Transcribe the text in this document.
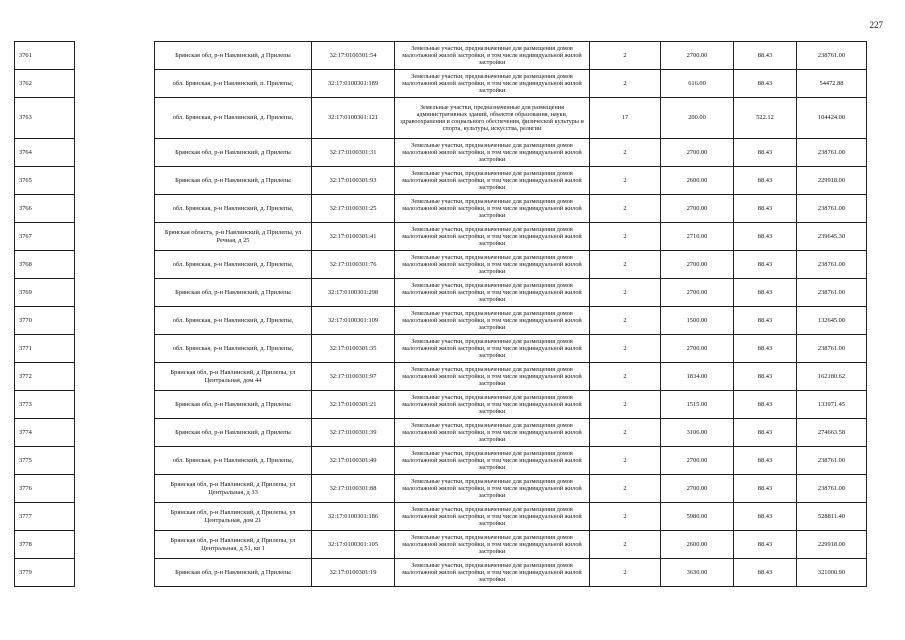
227
3761		Брянская обл, р-н Навлинский, д Прилепы	32:17:0100301:54	Земельные участки, предназначенные для размещения домов малоэтажной жилой застройки, в том числе индивидуальной жилой застройки	2	2700.00	88.43	238761.00
3762		обл. Брянская, р-н Навлинский, п. Прилепы,	32:17:0100301:189	Земельные участки, предназначенные для размещения домов малоэтажной жилой застройки, в том числе индивидуальной жилой застройки	2	616.00	88.43	54472.88
3763		обл. Брянская, р-н Навлинский, д. Прилепы,	32:17:0100301:121	Земельные участки, предназначенные для размещения административных зданий, объектов образования, науки, здравоохранения и социального обеспечения, физической культуры и спорта, культуры, искусства, религии	17	200.00	522.12	104424.00
3764		Брянская обл, р-н Навлинский, д Прилепы	32:17:0100301:31	Земельные участки, предназначенные для размещения домов малоэтажной жилой застройки, в том числе индивидуальной жилой застройки	2	2700.00	88.43	238761.00
3765		Брянская обл, р-н Навлинский, д Прилепы	32:17:0100301:93	Земельные участки, предназначенные для размещения домов малоэтажной жилой застройки, в том числе индивидуальной жилой застройки	2	2600.00	88.43	229918.00
3766		обл. Брянская, р-н Навлинский, д. Прилепы,	32:17:0100301:25	Земельные участки, предназначенные для размещения домов малоэтажной жилой застройки, в том числе индивидуальной жилой застройки	2	2700.00	88.43	238761.00
3767		Брянская область, р-н Навлинский, д Прилепы, ул Речная, д 25	32:17:0100301:41	Земельные участки, предназначенные для размещения домов малоэтажной жилой застройки, в том числе индивидуальной жилой застройки	2	2710.00	88.43	239645.30
3768		обл. Брянская, р-н Навлинский, д. Прилепы,	32:17:0100301:76	Земельные участки, предназначенные для размещения домов малоэтажной жилой застройки, в том числе индивидуальной жилой застройки	2	2700.00	88.43	238761.00
3769		Брянская обл, р-н Навлинский, д Прилепы	32:17:0100301:298	Земельные участки, предназначенные для размещения домов малоэтажной жилой застройки, в том числе индивидуальной жилой застройки	2	2700.00	88.43	238761.00
3770		обл. Брянская, р-н Навлинский, д. Прилепы,	32:17:0100301:109	Земельные участки, предназначенные для размещения домов малоэтажной жилой застройки, в том числе индивидуальной жилой застройки	2	1500.00	88.43	132645.00
3771		обл. Брянская, р-н Навлинский, д. Прилепы,	32:17:0100301:35	Земельные участки, предназначенные для размещения домов малоэтажной жилой застройки, в том числе индивидуальной жилой застройки	2	2700.00	88.43	238761.00
3772		Брянская обл, р-н Навлинский, д Прилепы, ул Центральная, дом 44	32:17:0100301:97	Земельные участки, предназначенные для размещения домов малоэтажной жилой застройки, в том числе индивидуальной жилой застройки	2	1834.00	88.43	162180.62
3773		Брянская обл, р-н Навлинский, д Прилепы	32:17:0100301:21	Земельные участки, предназначенные для размещения домов малоэтажной жилой застройки, в том числе индивидуальной жилой застройки	2	1515.00	88.43	133971.45
3774		Брянская обл, р-н Навлинский, д Прилепы	32:17:0100301:39	Земельные участки, предназначенные для размещения домов малоэтажной жилой застройки, в том числе индивидуальной жилой застройки	2	3106.00	88.43	274663.58
3775		обл. Брянская, р-н Навлинский, д. Прилепы,	32:17:0100301:49	Земельные участки, предназначенные для размещения домов малоэтажной жилой застройки, в том числе индивидуальной жилой застройки	2	2700.00	88.43	238761.00
3776		Брянская обл, р-н Навлинский, д Прилепы, ул Центральная, д 33	32:17:0100301:88	Земельные участки, предназначенные для размещения домов малоэтажной жилой застройки, в том числе индивидуальной жилой застройки	2	2700.00	88.43	238761.00
3777		Брянская обл, р-н Навлинский, д Прилепы, ул Центральная, дом 21	32:17:0100301:186	Земельные участки, предназначенные для размещения домов малоэтажной жилой застройки, в том числе индивидуальной жилой застройки	2	5980.00	88.43	528811.40
3778		Брянская обл, р-н Навлинский, д Прилепы, ул Центральная, д 51, кв 1	32:17:0100301:105	Земельные участки, предназначенные для размещения домов малоэтажной жилой застройки, в том числе индивидуальной жилой застройки	2	2600.00	88.43	229918.00
3779		Брянская обл, р-н Навлинский, д Прилепы	32:17:0100301:19	Земельные участки, предназначенные для размещения домов малоэтажной жилой застройки, в том числе индивидуальной жилой застройки	2	3630.00	88.43	321000.90
